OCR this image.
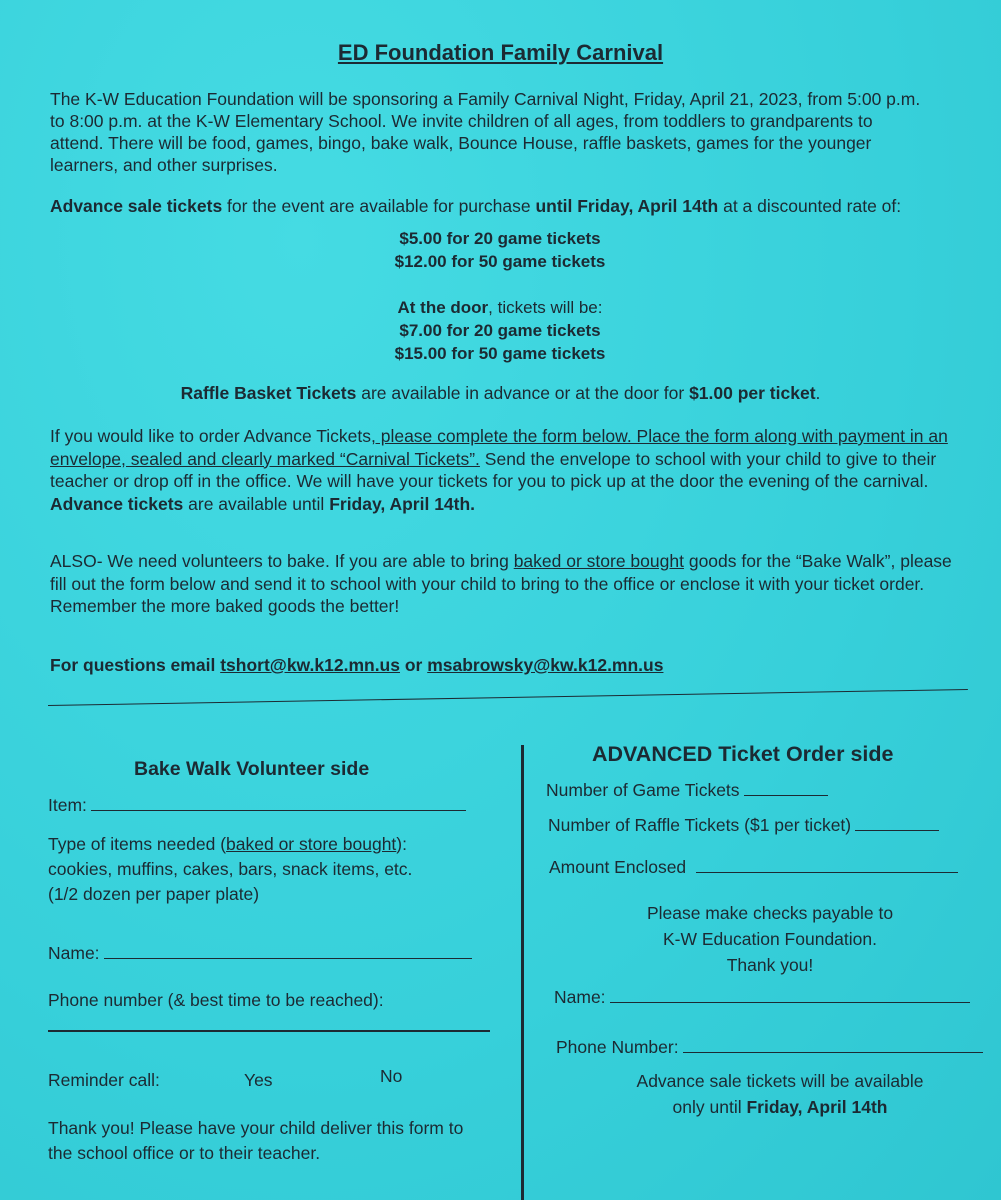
ED Foundation Family Carnival
The K-W Education Foundation will be sponsoring a Family Carnival Night, Friday, April 21, 2023, from 5:00 p.m. to 8:00 p.m. at the K-W Elementary School. We invite children of all ages, from toddlers to grandparents to attend. There will be food, games, bingo, bake walk, Bounce House, raffle baskets, games for the younger learners, and other surprises.
Advance sale tickets for the event are available for purchase until Friday, April 14th at a discounted rate of:
$5.00 for 20 game tickets
$12.00 for 50 game tickets
At the door, tickets will be:
$7.00 for 20 game tickets
$15.00 for 50 game tickets
Raffle Basket Tickets are available in advance or at the door for $1.00 per ticket.
If you would like to order Advance Tickets, please complete the form below. Place the form along with payment in an envelope, sealed and clearly marked “Carnival Tickets”. Send the envelope to school with your child to give to their teacher or drop off in the office. We will have your tickets for you to pick up at the door the evening of the carnival. Advance tickets are available until Friday, April 14th.
ALSO- We need volunteers to bake. If you are able to bring baked or store bought goods for the “Bake Walk”, please fill out the form below and send it to school with your child to bring to the office or enclose it with your ticket order. Remember the more baked goods the better!
For questions email tshort@kw.k12.mn.us or msabrowsky@kw.k12.mn.us
Bake Walk Volunteer side
Item:
Type of items needed (baked or store bought):
cookies, muffins, cakes, bars, snack items, etc.
(1/2 dozen per paper plate)
Name:
Phone number (& best time to be reached):
Reminder call:	Yes	No
Thank you! Please have your child deliver this form to the school office or to their teacher.
ADVANCED Ticket Order side
Number of Game Tickets
Number of Raffle Tickets ($1 per ticket)
Amount Enclosed
Please make checks payable to
K-W Education Foundation.
Thank you!
Name:
Phone Number:
Advance sale tickets will be available
only until Friday, April 14th
